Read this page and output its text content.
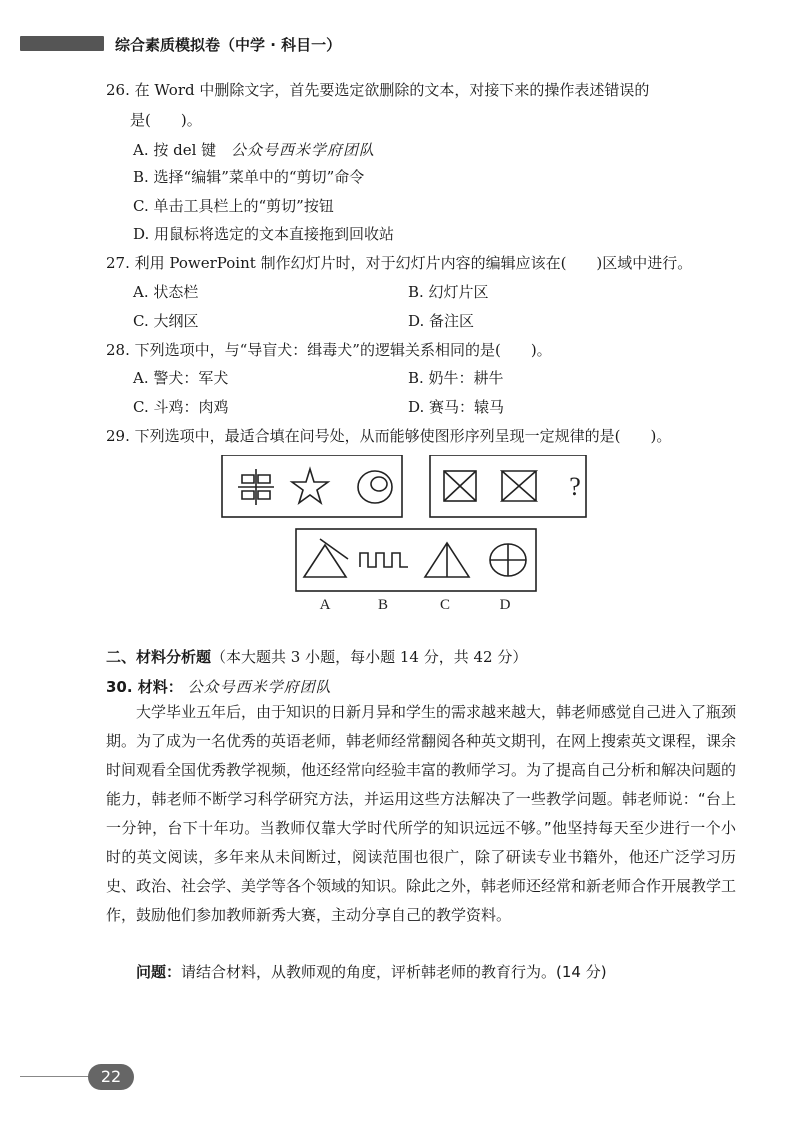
综合素质模拟卷（中学 · 科目一）
26. 在 Word 中删除文字，首先要选定欲删除的文本，对接下来的操作表述错误的
是(　　)。
A. 按 del 键 公众号西米学府团队
B. 选择“编辑”菜单中的“剪切”命令
C. 单击工具栏上的“剪切”按钮
D. 用鼠标将选定的文本直接拖到回收站
27. 利用 PowerPoint 制作幻灯片时，对于幻灯片内容的编辑应该在(　　)区域中进行。
A. 状态栏	B. 幻灯片区
C. 大纲区	D. 备注区
28. 下列选项中，与“导盲犬：缉毒犬”的逻辑关系相同的是(　　)。
A. 警犬：军犬	B. 奶牛：耕牛
C. 斗鸡：肉鸡	D. 赛马：辕马
29. 下列选项中，最适合填在问号处，从而能够使图形序列呈现一定规律的是(　　)。
?
A	B	C	D
二、材料分析题（本大题共 3 小题，每小题 14 分，共 42 分）
30. 材料： 公众号西米学府团队
大学毕业五年后，由于知识的日新月异和学生的需求越来越大，韩老师感觉自己进入了瓶颈期。为了成为一名优秀的英语老师，韩老师经常翻阅各种英文期刊，在网上搜索英文课程，课余时间观看全国优秀教学视频，他还经常向经验丰富的教师学习。为了提高自己分析和解决问题的能力，韩老师不断学习科学研究方法，并运用这些方法解决了一些教学问题。韩老师说：“台上一分钟，台下十年功。当教师仅靠大学时代所学的知识远远不够。”他坚持每天至少进行一个小时的英文阅读，多年来从未间断过，阅读范围也很广，除了研读专业书籍外，他还广泛学习历史、政治、社会学、美学等各个领域的知识。除此之外，韩老师还经常和新老师合作开展教学工作，鼓励他们参加教师新秀大赛，主动分享自己的教学资料。
问题：请结合材料，从教师观的角度，评析韩老师的教育行为。(14 分)
22
